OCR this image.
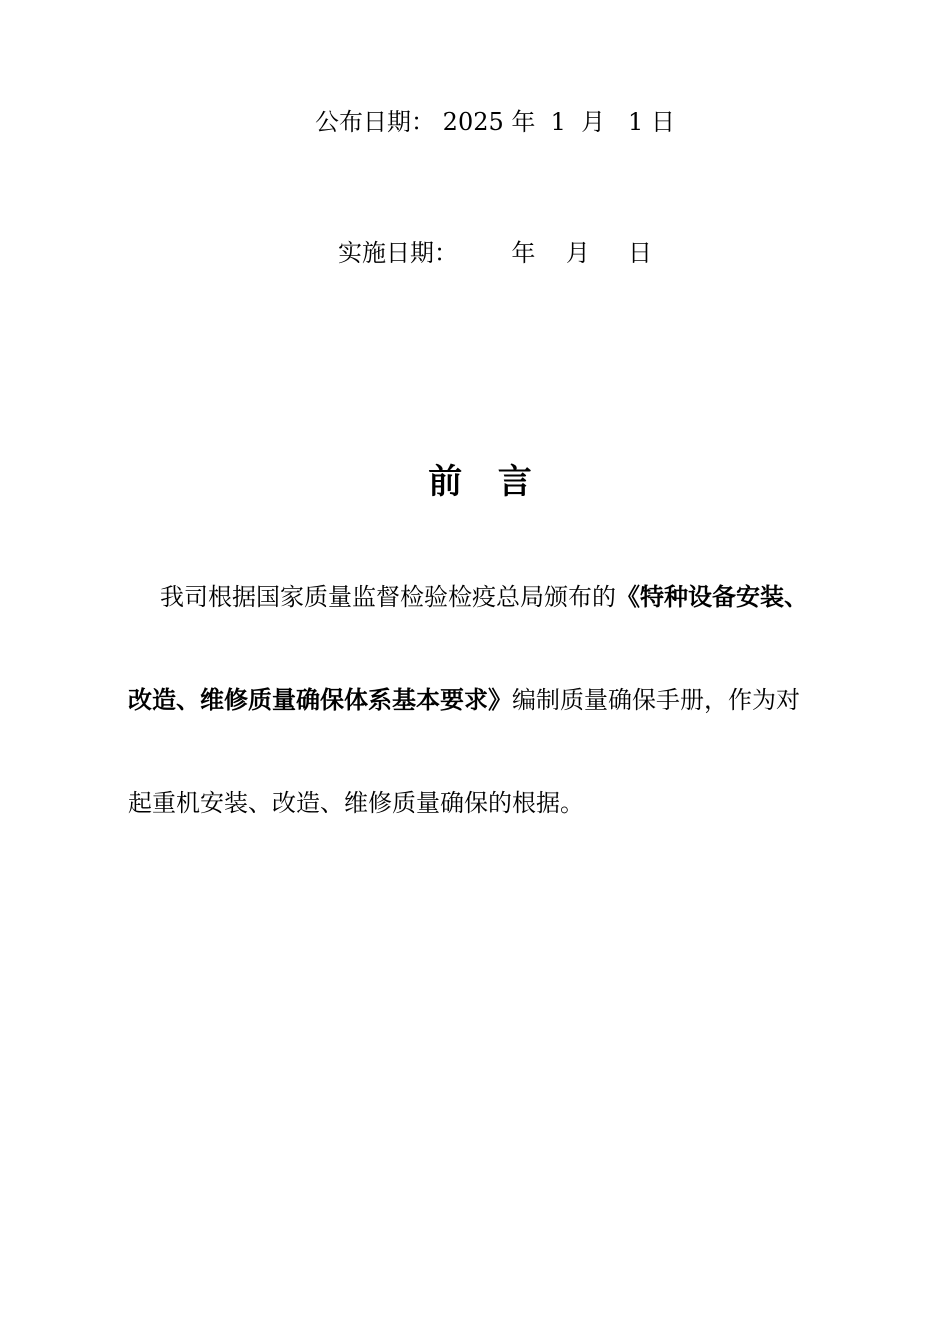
公布日期： 2025 年  1  月   1 日
实施日期：       年    月     日
前   言
我司根据国家质量监督检验检疫总局颁布的《特种设备安装、
改造、维修质量确保体系基本要求》编制质量确保手册，作为对
起重机安装、改造、维修质量确保的根据。
